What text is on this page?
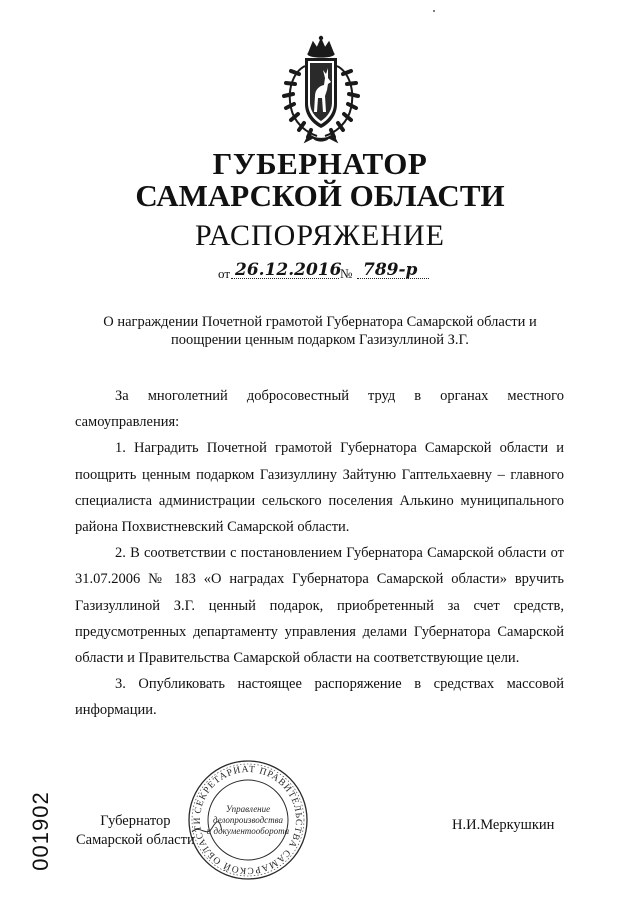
ГУБЕРНАТОР
САМАРСКОЙ ОБЛАСТИ
РАСПОРЯЖЕНИЕ
от 26.12.2016
№ 789-р
О награждении Почетной грамотой Губернатора Самарской области и
поощрении ценным подарком Газизуллиной З.Г.

За многолетний добросовестный труд в органах местного самоуправления:

1. Наградить Почетной грамотой Губернатора Самарской области и поощрить ценным подарком Газизуллину Зайтуню Гаптельхаевну – главного специалиста администрации сельского поселения Алькино муниципального района Похвистневский Самарской области.

2. В соответствии с постановлением Губернатора Самарской области от 31.07.2006 № 183 «О наградах Губернатора Самарской области» вручить Газизуллиной З.Г. ценный подарок, приобретенный за счет средств, предусмотренных департаменту управления делами Губернатора Самарской области и Правительства Самарской области на соответствующие цели.

3. Опубликовать настоящее распоряжение в средствах массовой информации.

Губернатор
Самарской области
Н.И.Меркушкин
СЕКРЕТАРИАТ ПРАВИТЕЛЬСТВА САМАРСКОЙ ОБЛАСТИ
Управление
делопроизводства
и документооборота
001902
